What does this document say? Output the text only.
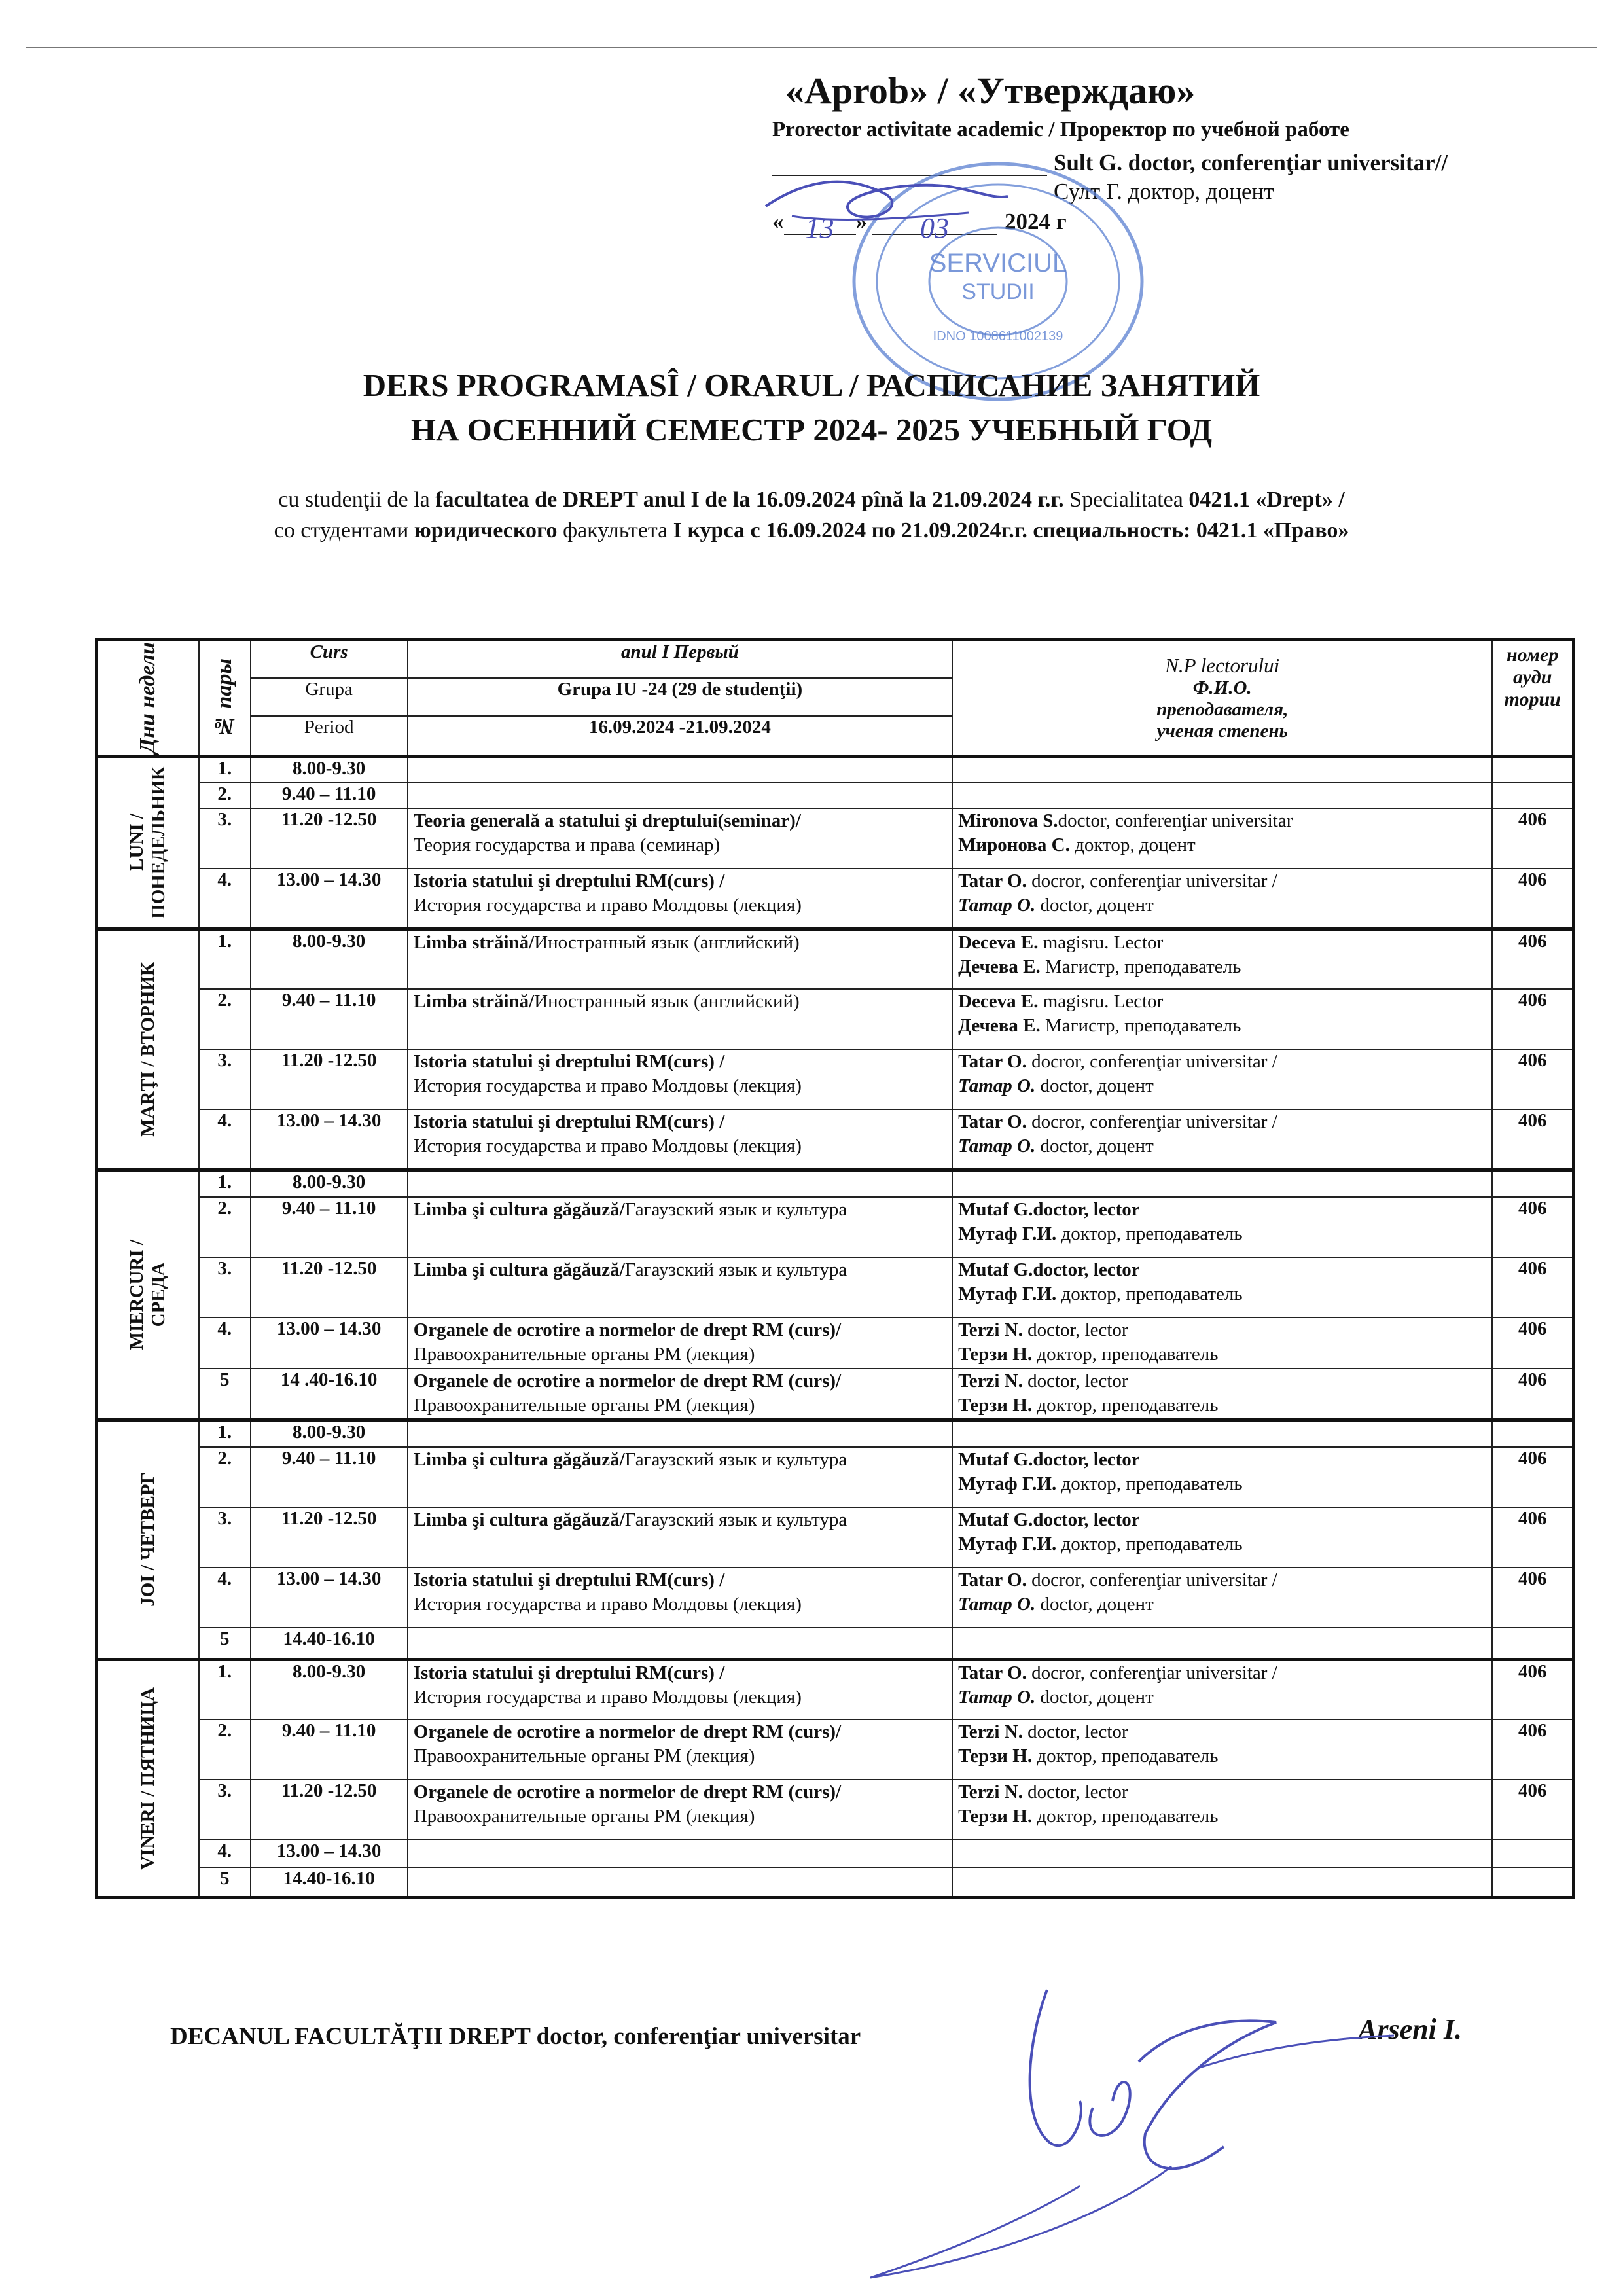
«Aprob» / «Утверждаю»
Prorector activitate academic / Проректор по учебной работе
Sult G. doctor, conferenţiar universitar//
Султ Г. доктор, доцент
« 13 »	03	2024 г
SERVICIUL
STUDII
IDNO 1008611002139
DERS PROGRAMASÎ / ORARUL / РАСПИСАНИЕ ЗАНЯТИЙ
НА ОСЕННИЙ СЕМЕСТР 2024- 2025 УЧЕБНЫЙ ГОД
cu studenţii de la facultatea de DREPT anul I de la 16.09.2024 pînă la 21.09.2024 г.г. Specialitatea 0421.1 «Drept» /
со студентами юридического факультета I курса с 16.09.2024 по 21.09.2024г.г. специальность: 0421.1 «Право»
Дни недели	№ пары	Curs	anul I Первый	N.P lectorului
Ф.И.О.
преподавателя,
ученая степень	номер ауди тории
		Grupa	Grupa IU -24 (29 de studenţii)		
		Period	16.09.2024 -21.09.2024		

LUNI /
ПОНЕДЕЛЬНИК	1.	8.00-9.30	

	2.	9.40 – 11.10	

	3.	11.20 -12.50	Teoria generală a statului şi dreptului(seminar)/
Теория государства и права (семинар)	Mironova S.doctor, conferenţiar universitar
Миронова С. доктор, доцент	406
	4.	13.00 – 14.30	Istoria statului şi dreptului RM(curs) /
История государства и право Молдовы (лекция)	Tatar O. docror, conferenţiar universitar /
Татар О. doctor, доцент	406

MARŢI / ВТОРНИК	1.	8.00-9.30	Limba străină/Иностранный язык (английский)	Deceva E. magisru. Lector
Дечева Е. Магистр, преподаватель	406
	2.	9.40 – 11.10	Limba străină/Иностранный язык (английский)	Deceva E. magisru. Lector
Дечева Е. Магистр, преподаватель	406
	3.	11.20 -12.50	Istoria statului şi dreptului RM(curs) /
История государства и право Молдовы (лекция)	Tatar O. docror, conferenţiar universitar /
Татар О. doctor, доцент	406
	4.	13.00 – 14.30	Istoria statului şi dreptului RM(curs) /
История государства и право Молдовы (лекция)	Tatar O. docror, conferenţiar universitar /
Татар О. doctor, доцент	406

MIERCURI /
СРЕДА	1.	8.00-9.30	

	2.	9.40 – 11.10	Limba şi cultura găgăuză/Гагаузский язык и культура	Mutaf G.doctor, lector
Мутаф Г.И. доктор, преподаватель	406
	3.	11.20 -12.50	Limba şi cultura găgăuză/Гагаузский язык и культура	Mutaf G.doctor, lector
Мутаф Г.И. доктор, преподаватель	406
	4.	13.00 – 14.30	Organele de ocrotire a normelor de drept RM (curs)/
Правоохранительные органы РМ (лекция)	Terzi N. doctor, lector
Терзи Н. доктор, преподаватель	406
	5	14 .40-16.10	Organele de ocrotire a normelor de drept RM (curs)/
Правоохранительные органы РМ (лекция)	Terzi N. doctor, lector
Терзи Н. доктор, преподаватель	406

JOI / ЧЕТВЕРГ	1.	8.00-9.30	

	2.	9.40 – 11.10	Limba şi cultura găgăuză/Гагаузский язык и культура	Mutaf G.doctor, lector
Мутаф Г.И. доктор, преподаватель	406
	3.	11.20 -12.50	Limba şi cultura găgăuză/Гагаузский язык и культура	Mutaf G.doctor, lector
Мутаф Г.И. доктор, преподаватель	406
	4.	13.00 – 14.30	Istoria statului şi dreptului RM(curs) /
История государства и право Молдовы (лекция)	Tatar O. docror, conferenţiar universitar /
Татар О. doctor, доцент	406
	5	14.40-16.10	

VINERI / ПЯТНИЦА	1.	8.00-9.30	Istoria statului şi dreptului RM(curs) /
История государства и право Молдовы (лекция)	Tatar O. docror, conferenţiar universitar /
Татар О. doctor, доцент	406
	2.	9.40 – 11.10	Organele de ocrotire a normelor de drept RM (curs)/
Правоохранительные органы РМ (лекция)	Terzi N. doctor, lector
Терзи Н. доктор, преподаватель	406
	3.	11.20 -12.50	Organele de ocrotire a normelor de drept RM (curs)/
Правоохранительные органы РМ (лекция)	Terzi N. doctor, lector
Терзи Н. доктор, преподаватель	406
	4.	13.00 – 14.30	

	5	14.40-16.10	

DECANUL FACULTĂŢII DREPT doctor, conferenţiar universitar	Arseni I.
